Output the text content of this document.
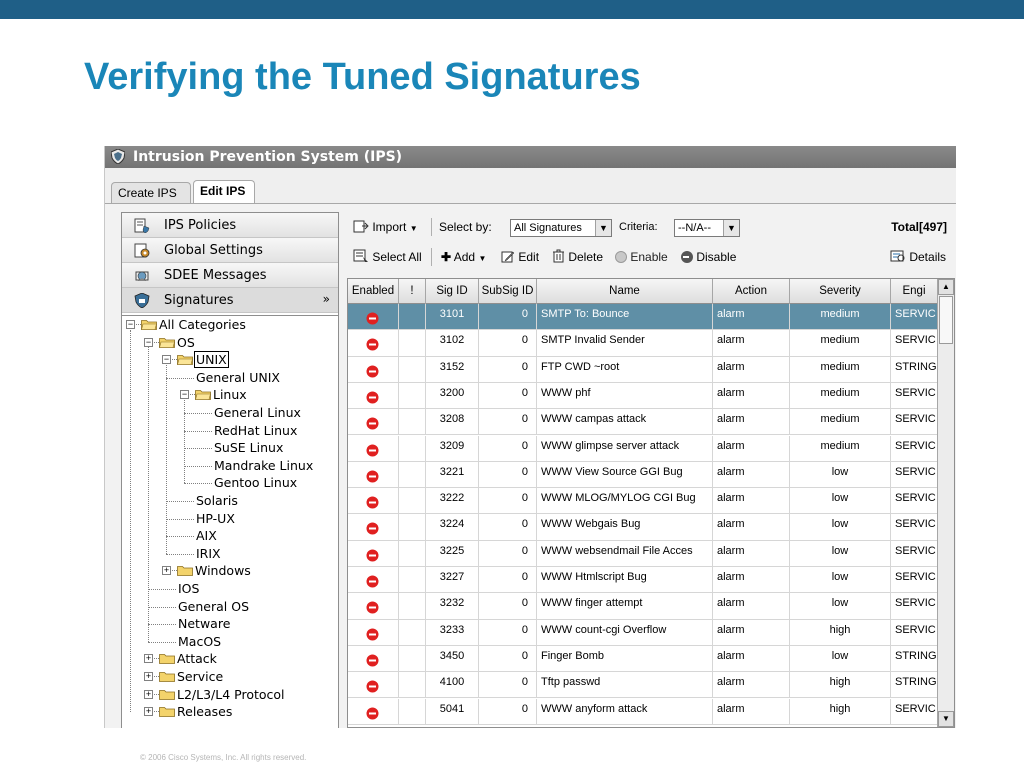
Verifying the Tuned Signatures
Intrusion Prevention System (IPS)
Create IPS	Edit IPS
IPS Policies
Global Settings
SDEE Messages
Signatures	»
− All Categories
− OS
− UNIX
General UNIX
− Linux
General Linux
RedHat Linux
SuSE Linux
Mandrake Linux
Gentoo Linux
Solaris
HP-UX
AIX
IRIX
+ Windows
IOS
General OS
Netware
MacOS
+ Attack
+ Service
+ L2/L3/L4 Protocol
+ Releases
Import ▼ Select by:	All Signatures	▼ Criteria:	--N/A--	▼	Total[497]
Select All ✚ Add ▼	Edit	Delete	Enable	Disable	Details
Enabled	!	Sig ID	SubSig ID	Name	Action	Severity	Engi
3101	0	SMTP To: Bounce	alarm	medium	SERVIC
3102	0	SMTP Invalid Sender	alarm	medium	SERVIC
3152	0	FTP CWD ~root	alarm	medium	STRING
3200	0	WWW phf	alarm	medium	SERVIC
3208	0	WWW campas attack	alarm	medium	SERVIC
3209	0	WWW glimpse server attack	alarm	medium	SERVIC
3221	0	WWW View Source GGI Bug	alarm	low	SERVIC
3222	0	WWW MLOG/MYLOG CGI Bug	alarm	low	SERVIC
3224	0	WWW Webgais Bug	alarm	low	SERVIC
3225	0	WWW websendmail File Acces	alarm	low	SERVIC
3227	0	WWW Htmlscript Bug	alarm	low	SERVIC
3232	0	WWW finger attempt	alarm	low	SERVIC
3233	0	WWW count-cgi Overflow	alarm	high	SERVIC
3450	0	Finger Bomb	alarm	low	STRING
4100	0	Tftp passwd	alarm	high	STRING
5041	0	WWW anyform attack	alarm	high	SERVIC
▲
▼
© 2006 Cisco Systems, Inc. All rights reserved.
